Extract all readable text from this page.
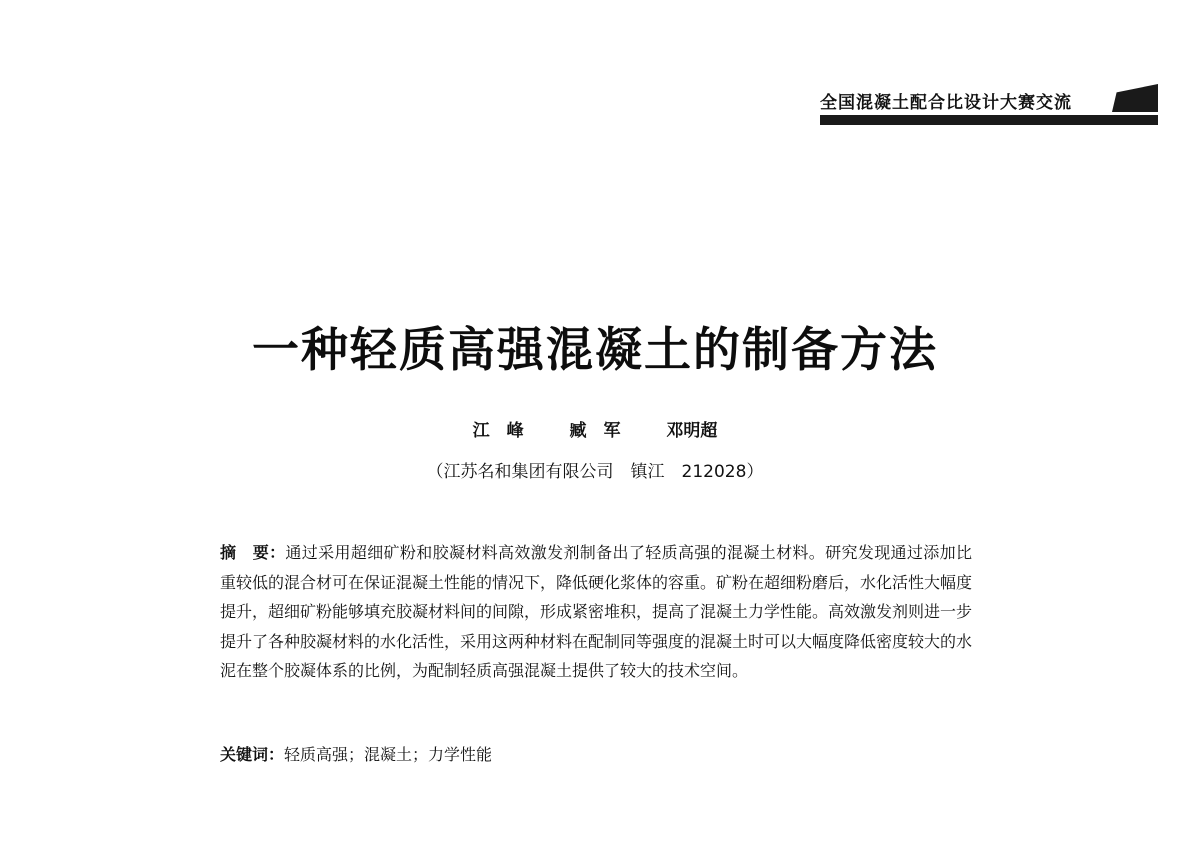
全国混凝土配合比设计大赛交流
一种轻质高强混凝土的制备方法
江　峰	臧　军	邓明超
（江苏名和集团有限公司　镇江　212028）
摘　要：通过采用超细矿粉和胶凝材料高效激发剂制备出了轻质高强的混凝土材料。研究发现通过添加比重较低的混合材可在保证混凝土性能的情况下，降低硬化浆体的容重。矿粉在超细粉磨后，水化活性大幅度提升，超细矿粉能够填充胶凝材料间的间隙，形成紧密堆积，提高了混凝土力学性能。高效激发剂则进一步提升了各种胶凝材料的水化活性，采用这两种材料在配制同等强度的混凝土时可以大幅度降低密度较大的水泥在整个胶凝体系的比例，为配制轻质高强混凝土提供了较大的技术空间。
关键词：轻质高强；混凝土；力学性能
